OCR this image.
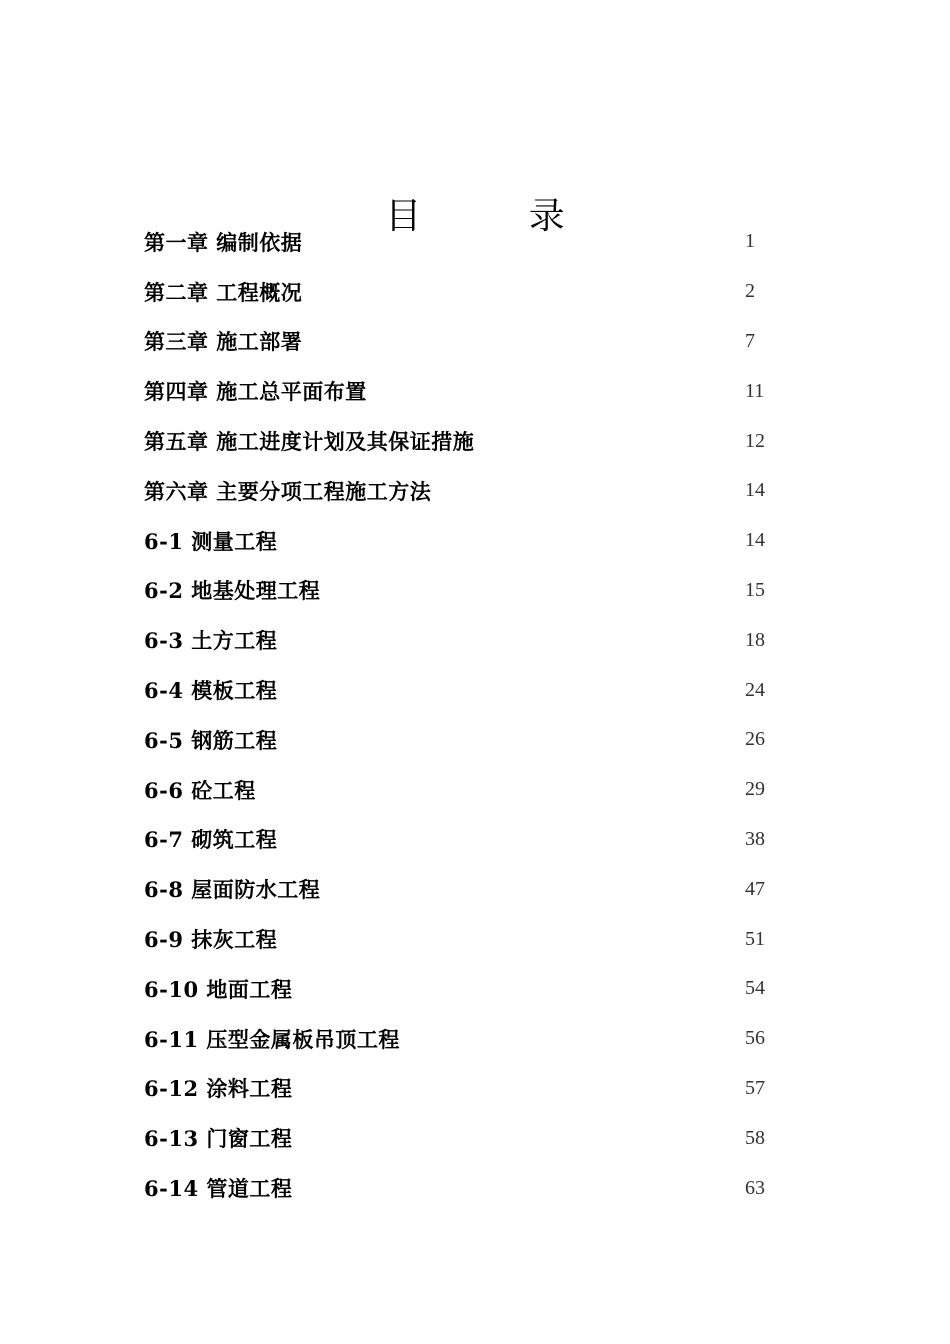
目 录
第一章 编制依据	1
第二章 工程概况	2
第三章 施工部署	7
第四章 施工总平面布置	11
第五章 施工进度计划及其保证措施	12
第六章 主要分项工程施工方法	14
6-1 测量工程	14
6-2 地基处理工程	15
6-3 土方工程	18
6-4 模板工程	24
6-5 钢筋工程	26
6-6 砼工程	29
6-7 砌筑工程	38
6-8 屋面防水工程	47
6-9 抹灰工程	51
6-10 地面工程	54
6-11 压型金属板吊顶工程	56
6-12 涂料工程	57
6-13 门窗工程	58
6-14 管道工程	63
